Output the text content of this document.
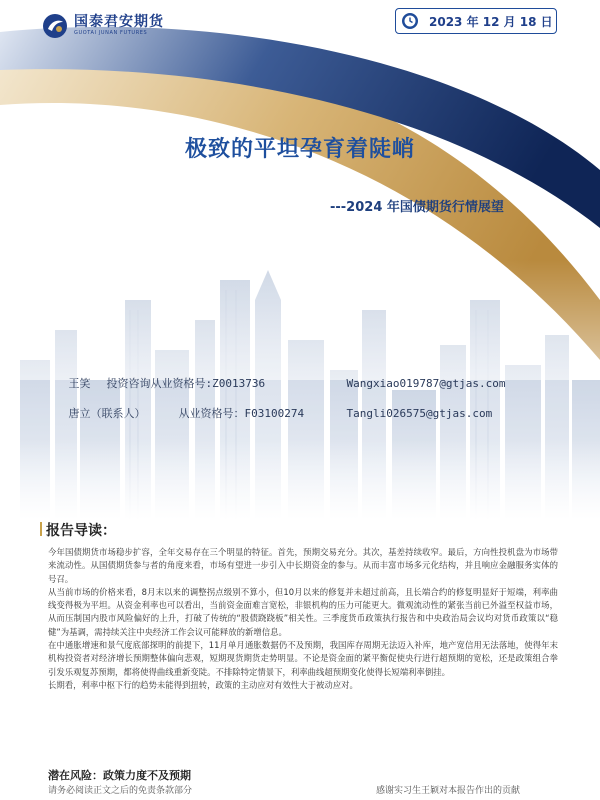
国泰君安期货
GUOTAI JUNAN FUTURES
2023 年 12 月 18 日
极致的平坦孕育着陡峭
---2024 年国债期货行情展望

王笑 投资咨询从业资格号:Z0013736	Wangxiao019787@gtjas.com

唐立（联系人）	从业资格号：F03100274	Tangli026575@gtjas.com

报告导读：

今年国债期货市场稳步扩容，全年交易存在三个明显的特征。首先，预期交易充分。其次，基差持续收窄。最后，方向性投机盘为市场带来流动性。从国债期货参与者的角度来看，市场有望进一步引入中长期资金的参与。从而丰富市场多元化结构，并且响应金融服务实体的号召。

从当前市场的价格来看，8月末以来的调整拐点级别不算小，但10月以来的修复并未超过前高，且长端合约的修复明显好于短端，利率曲线变得极为平坦。从资金利率也可以看出，当前资金面难言宽松，非银机构的压力可能更大。微观流动性的紧张当前已外溢至权益市场，从而压制国内股市风险偏好的上升，打破了传统的“股债跷跷板”相关性。三季度货币政策执行报告和中央政治局会议均对货币政策以“稳健”为基调，需持续关注中央经济工作会议可能释放的新增信息。

在中通胀增速和景气度底部探明的前提下，11月单月通胀数据仍不及预期，我国库存周期无法迈入补库，地产宽信用无法落地，使得年末机构投资者对经济增长预期整体偏向悲观，短期现货期货走势明显。不论是资金面的紧平衡促使央行进行超预期的宽松，还是政策组合拳引发乐观复苏预期，都将使得曲线重新变陡。不排除特定情景下，利率曲线超预期变化使得长短端利率倒挂。

长期看，利率中枢下行的趋势未能得到扭转，政策的主动应对有效性大于被动应对。

潜在风险：政策力度不及预期
请务必阅读正文之后的免责条款部分	感谢实习生王颖对本报告作出的贡献
